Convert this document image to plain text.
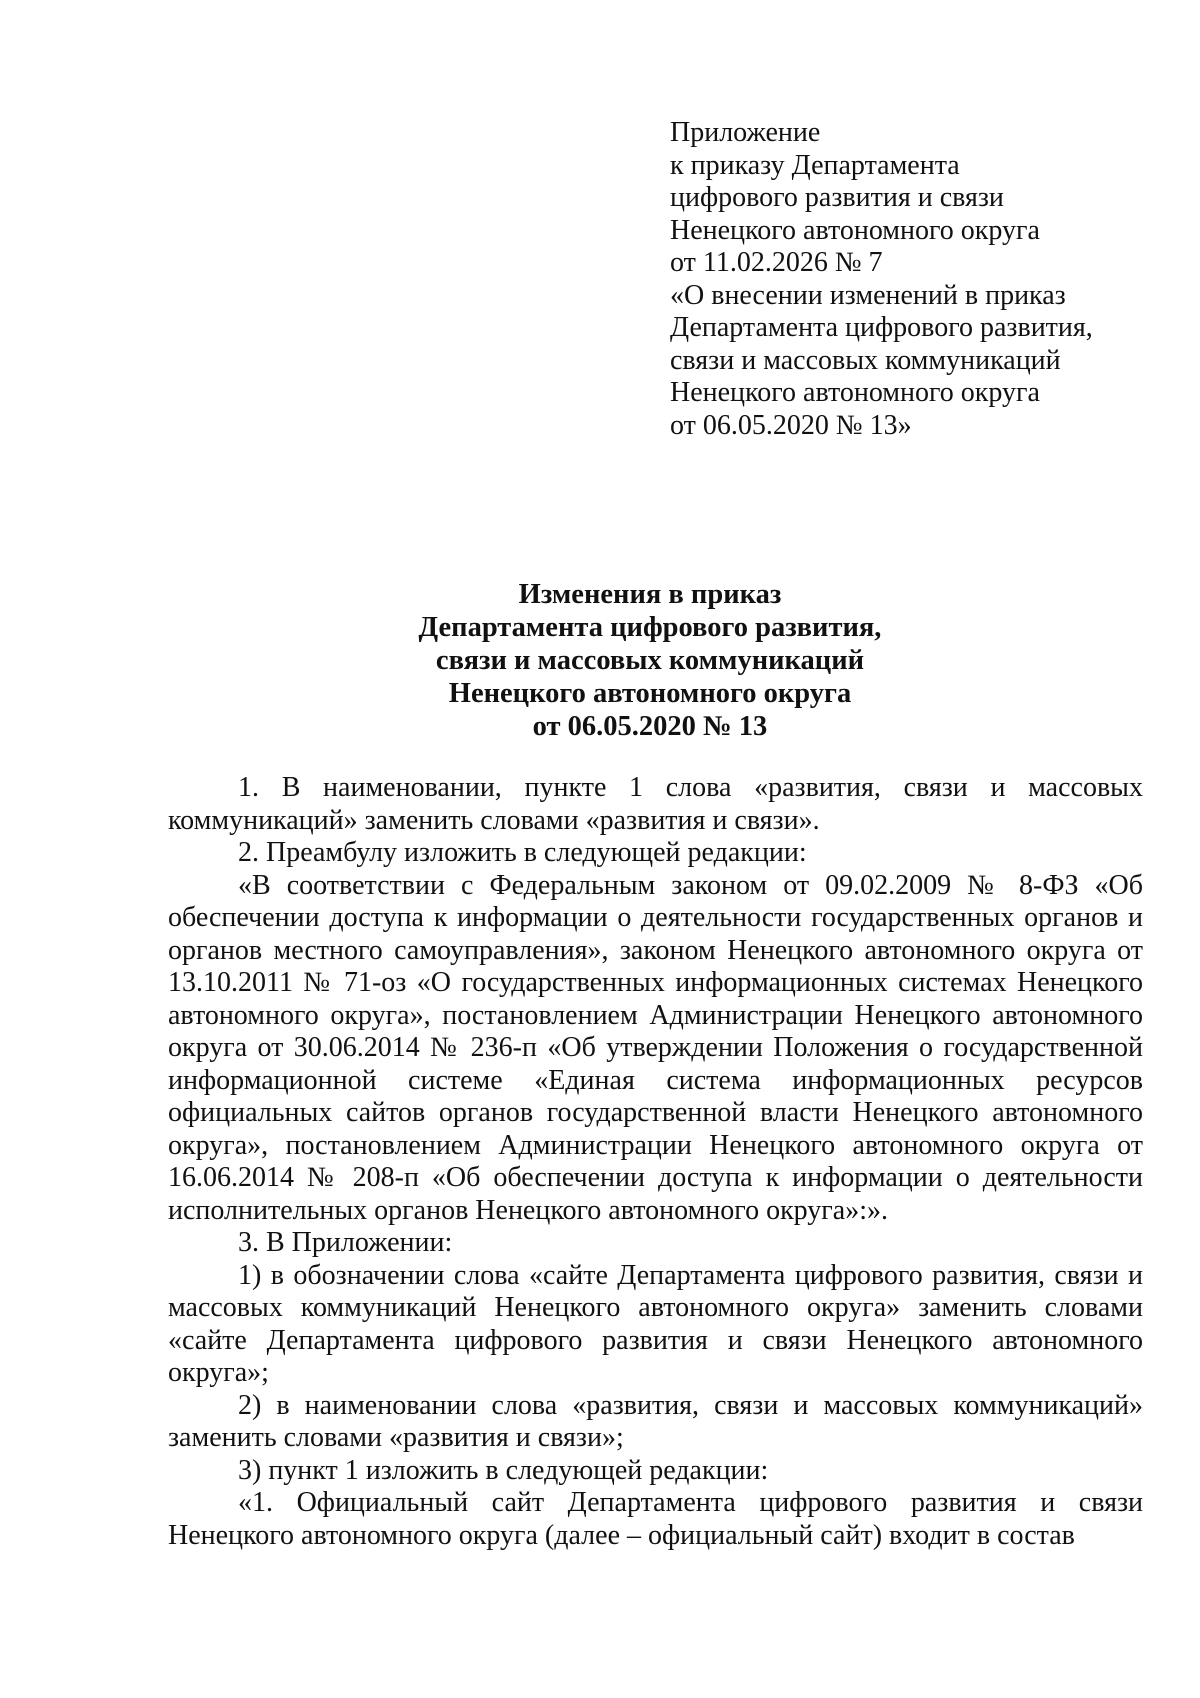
Приложение
к приказу Департамента
цифрового развития и связи
Ненецкого автономного округа
от 11.02.2026 № 7
«О внесении изменений в приказ
Департамента цифрового развития,
связи и массовых коммуникаций
Ненецкого автономного округа
от 06.05.2020 № 13»
Изменения в приказ
Департамента цифрового развития,
связи и массовых коммуникаций
Ненецкого автономного округа
от 06.05.2020 № 13

1. В наименовании, пункте 1 слова «развития, связи и массовых коммуникаций» заменить словами «развития и связи».

2. Преамбулу изложить в следующей редакции:

«В соответствии с Федеральным законом от 09.02.2009 № 8-ФЗ «Об обеспечении доступа к информации о деятельности государственных органов и органов местного самоуправления», законом Ненецкого автономного округа от 13.10.2011 № 71-оз «О государственных информационных системах Ненецкого автономного округа», постановлением Администрации Ненецкого автономного округа от 30.06.2014 № 236-п «Об утверждении Положения о государственной информационной системе «Единая система информационных ресурсов официальных сайтов органов государственной власти Ненецкого автономного округа», постановлением Администрации Ненецкого автономного округа от 16.06.2014 № 208-п «Об обеспечении доступа к информации о деятельности исполнительных органов Ненецкого автономного округа»:».

3. В Приложении:

1) в обозначении слова «сайте Департамента цифрового развития, связи и массовых коммуникаций Ненецкого автономного округа» заменить словами «сайте Департамента цифрового развития и связи Ненецкого автономного округа»;

2) в наименовании слова «развития, связи и массовых коммуникаций» заменить словами «развития и связи»;

3) пункт 1 изложить в следующей редакции:

«1. Официальный сайт Департамента цифрового развития и связи Ненецкого автономного округа (далее – официальный сайт) входит в состав
